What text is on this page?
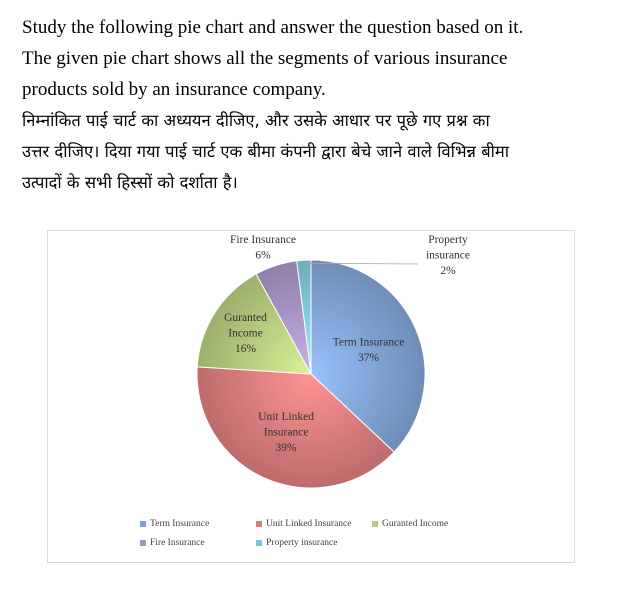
Study the following pie chart and answer the question based on it.

The given pie chart shows all the segments of various insurance

products sold by an insurance company.

निम्नांकित पाई चार्ट का अध्ययन दीजिए, और उसके आधार पर पूछे गए प्रश्न का

उत्तर दीजिए। दिया गया पाई चार्ट एक बीमा कंपनी द्वारा बेचे जाने वाले विभिन्न बीमा

उत्पादों के सभी हिस्सों को दर्शाता है।

Term Insurance 37%
Unit Linked Insurance 39%
Guranted Income 16%
Fire Insurance 6%
Property insurance 2%
Term Insurance	Unit Linked Insurance	Guranted Income
Fire Insurance	Property insurance
